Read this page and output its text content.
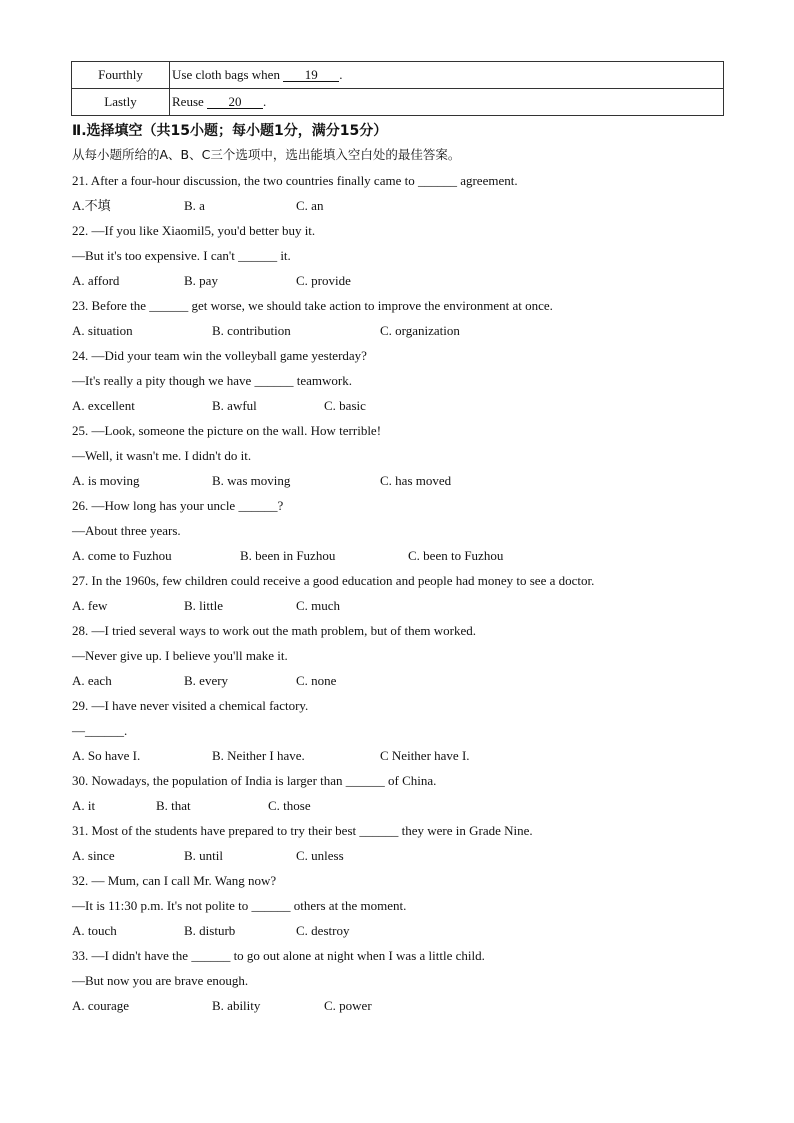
Fourthly	Use cloth bags when 19 .
Lastly	Reuse 20 .
Ⅱ.选择填空（共15小题；每小题1分，满分15分）
从每小题所给的A、B、C三个选项中，选出能填入空白处的最佳答案。
21. After a four-hour discussion, the two countries finally came to ______ agreement.
A.不填	B. a	C. an
22. —If you like Xiaomil5, you'd better buy it.
—But it's too expensive. I can't ______ it.
A. afford	B. pay	C. provide
23. Before the ______ get worse, we should take action to improve the environment at once.
A. situation	B. contribution	C. organization
24. —Did your team win the volleyball game yesterday?
—It's really a pity though we have ______ teamwork.
A. excellent	B. awful	C. basic
25. —Look, someone the picture on the wall. How terrible!
—Well, it wasn't me. I didn't do it.
A. is moving	B. was moving	C. has moved
26. —How long has your uncle ______?
—About three years.
A. come to Fuzhou	B. been in Fuzhou	C. been to Fuzhou
27. In the 1960s, few children could receive a good education and people had money to see a doctor.
A. few	B. little	C. much
28. —I tried several ways to work out the math problem, but of them worked.
—Never give up. I believe you'll make it.
A. each	B. every	C. none
29. —I have never visited a chemical factory.
—______.
A. So have I.	B. Neither I have.	C Neither have I.
30. Nowadays, the population of India is larger than ______ of China.
A. it	B. that	C. those
31. Most of the students have prepared to try their best ______ they were in Grade Nine.
A. since	B. until	C. unless
32. — Mum, can I call Mr. Wang now?
—It is 11:30 p.m. It's not polite to ______ others at the moment.
A. touch	B. disturb	C. destroy
33. —I didn't have the ______ to go out alone at night when I was a little child.
—But now you are brave enough.
A. courage	B. ability	C. power
